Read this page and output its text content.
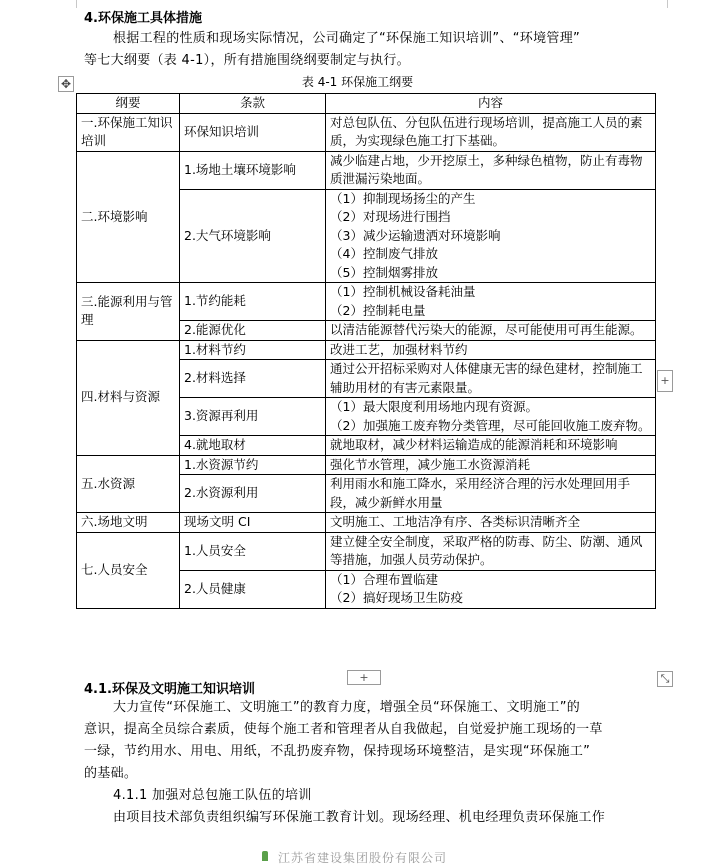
4.环保施工具体措施
根据工程的性质和现场实际情况，公司确定了“环保施工知识培训”、“环境管理”
等七大纲要（表 4-1），所有措施围绕纲要制定与执行。
✥	表 4-1 环保施工纲要
纲要	条款	内容
一.环保施工知识培训	环保知识培训	对总包队伍、分包队伍进行现场培训，提高施工人员的素质，为实现绿色施工打下基础。

二.环境影响	1.场地土壤环境影响	减少临建占地，少开挖原土，多种绿色植物，防止有毒物质泄漏污染地面。

	2.大气环境影响	（1）抑制现场扬尘的产生
（2）对现场进行围挡
（3）减少运输遗洒对环境影响
（4）控制废气排放
（5）控制烟雾排放

三.能源利用与管理	1.节约能耗	（1）控制机械设备耗油量
（2）控制耗电量

	2.能源优化	以清洁能源替代污染大的能源，尽可能使用可再生能源。

四.材料与资源	1.材料节约	改进工艺，加强材料节约

	2.材料选择	通过公开招标采购对人体健康无害的绿色建材，控制施工辅助用材的有害元素限量。

	3.资源再利用	（1）最大限度利用场地内现有资源。
（2）加强施工废弃物分类管理，尽可能回收施工废弃物。

	4.就地取材	就地取材，减少材料运输造成的能源消耗和环境影响

五.水资源	1.水资源节约	强化节水管理，减少施工水资源消耗

	2.水资源利用	利用雨水和施工降水，采用经济合理的污水处理回用手段，减少新鲜水用量

六.场地文明	现场文明 CI	文明施工、工地洁净有序、各类标识清晰齐全

七.人员安全	1.人员安全	建立健全安全制度，采取严格的防毒、防尘、防潮、通风等措施，加强人员劳动保护。

	2.人员健康	（1）合理布置临建
（2）搞好现场卫生防疫
+
+	⤡
4.1.环保及文明施工知识培训
大力宣传“环保施工、文明施工”的教育力度，增强全员“环保施工、文明施工”的
意识，提高全员综合素质，使每个施工者和管理者从自我做起，自觉爱护施工现场的一草
一绿，节约用水、用电、用纸，不乱扔废弃物，保持现场环境整洁，是实现“环保施工”
的基础。
4.1.1 加强对总包施工队伍的培训
由项目技术部负责组织编写环保施工教育计划。现场经理、机电经理负责环保施工作
江苏省建设集团股份有限公司
